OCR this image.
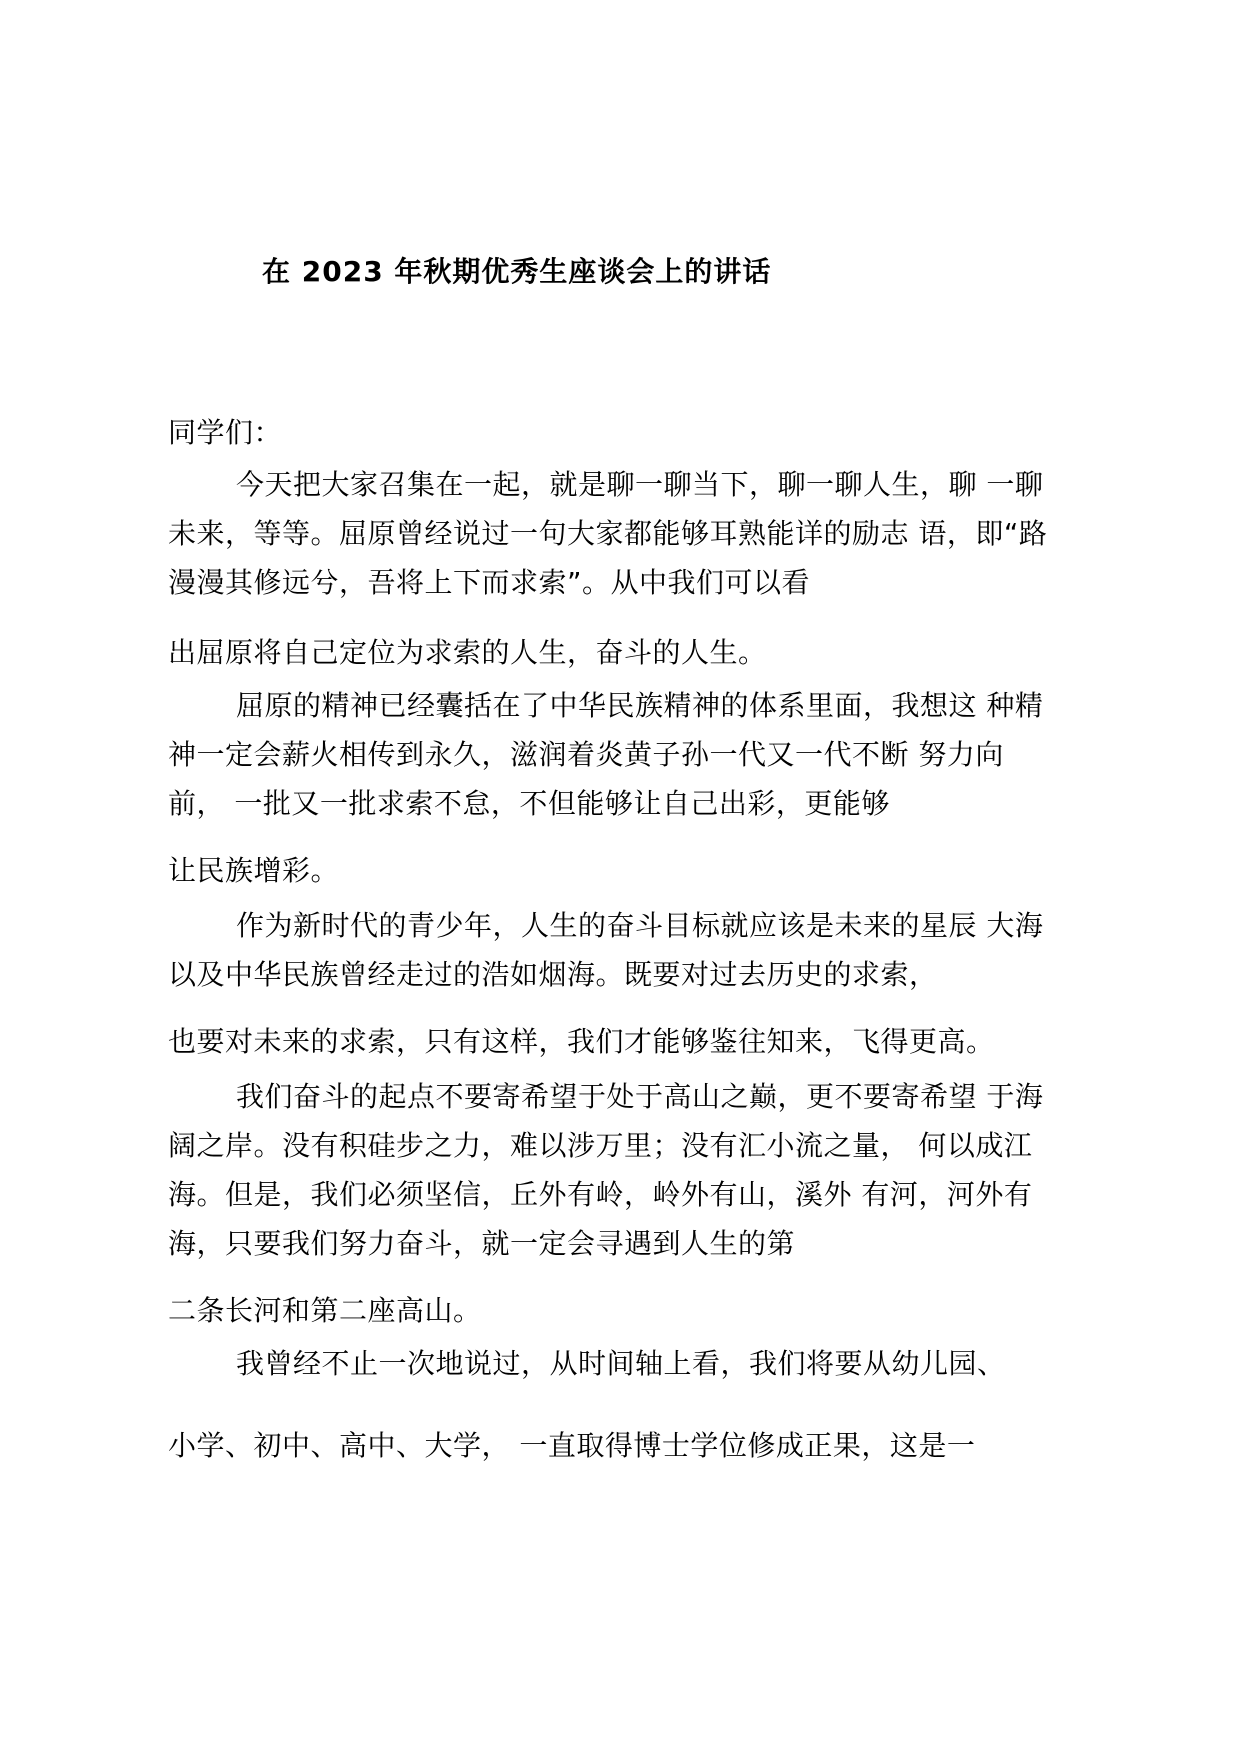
在 2023 年秋期优秀生座谈会上的讲话
同学们：
今天把大家召集在一起，就是聊一聊当下，聊一聊人生，聊 一聊
未来，等等。屈原曾经说过一句大家都能够耳熟能详的励志 语，即“路
漫漫其修远兮，吾将上下而求索”。从中我们可以看
出屈原将自己定位为求索的人生，奋斗的人生。
屈原的精神已经囊括在了中华民族精神的体系里面，我想这 种精
神一定会薪火相传到永久，滋润着炎黄子孙一代又一代不断 努力向
前， 一批又一批求索不怠，不但能够让自己出彩，更能够
让民族增彩。
作为新时代的青少年，人生的奋斗目标就应该是未来的星辰 大海
以及中华民族曾经走过的浩如烟海。既要对过去历史的求索，
也要对未来的求索，只有这样，我们才能够鉴往知来，飞得更高。
我们奋斗的起点不要寄希望于处于高山之巅，更不要寄希望 于海
阔之岸。没有积硅步之力，难以涉万里；没有汇小流之量， 何以成江
海。但是，我们必须坚信，丘外有岭，岭外有山，溪外 有河，河外有
海，只要我们努力奋斗，就一定会寻遇到人生的第
二条长河和第二座高山。
我曾经不止一次地说过，从时间轴上看，我们将要从幼儿园、
小学、初中、高中、大学， 一直取得博士学位修成正果，这是一
